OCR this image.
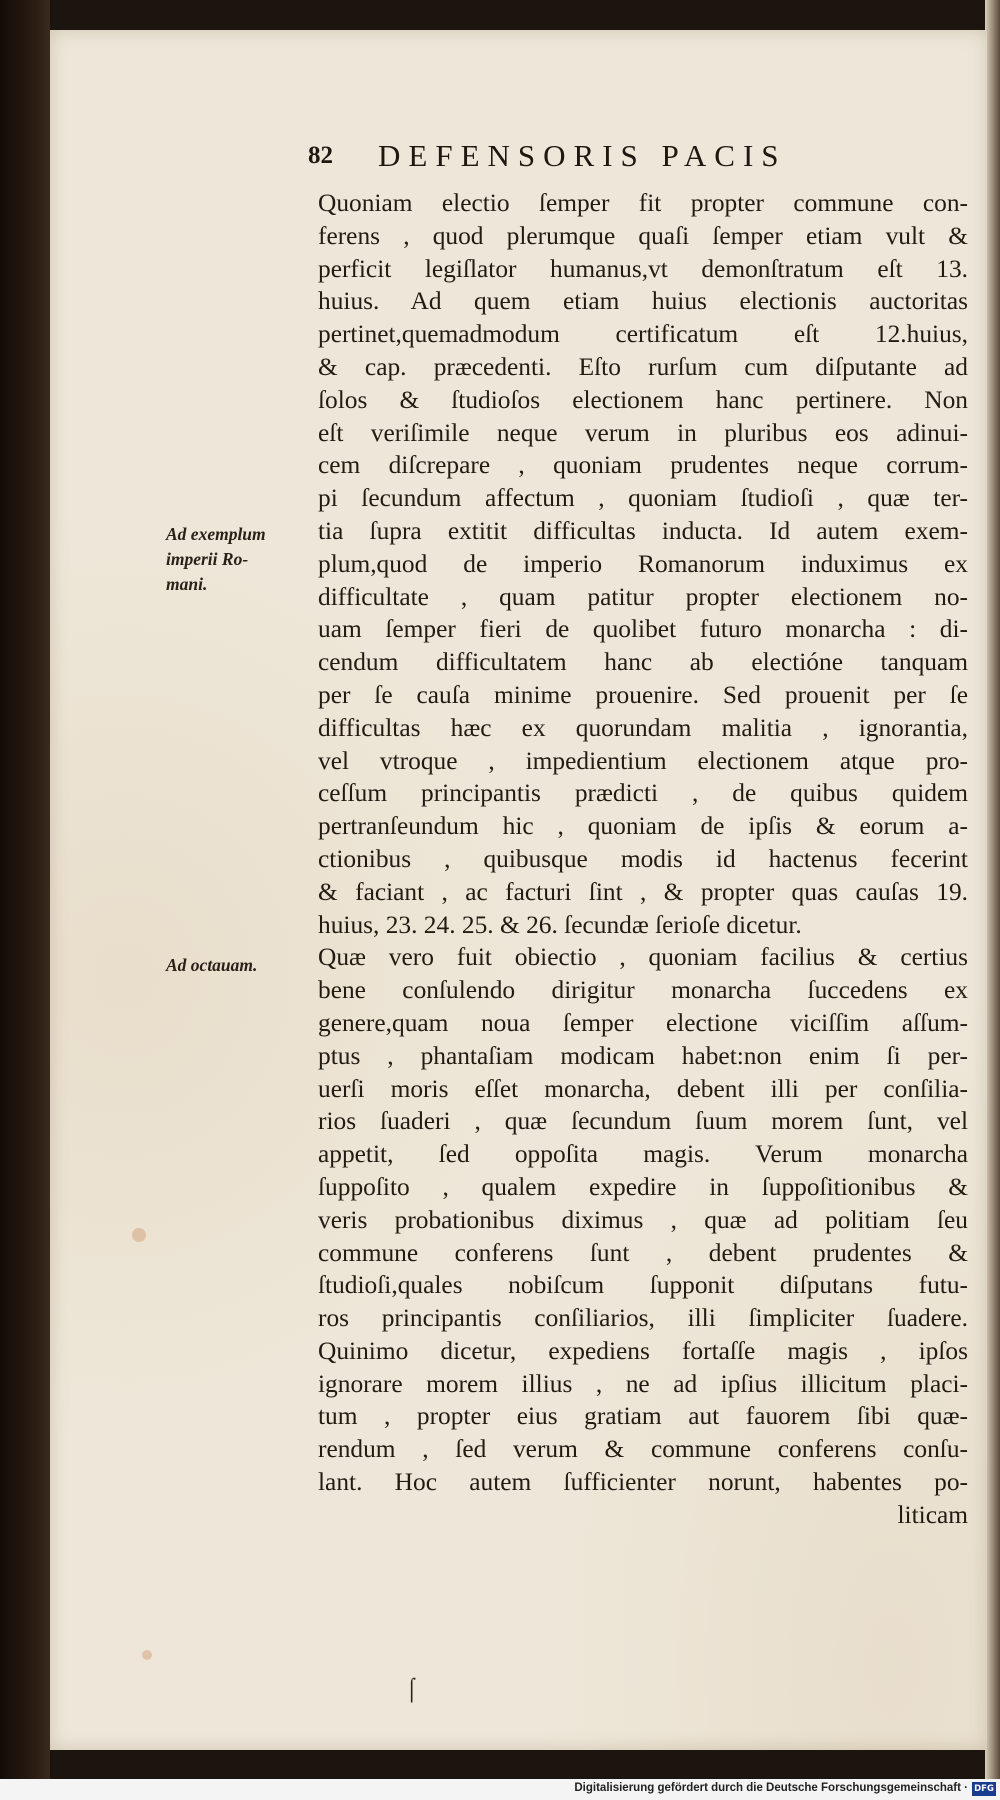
82 DEFENSORIS PACIS
Quoniam electio ſemper fit propter commune con-
ferens , quod plerumque quaſi ſemper etiam vult &
perficit legiſlator humanus,vt demonſtratum eſt 13.
huius. Ad quem etiam huius electionis auctoritas
pertinet,quemadmodum certificatum eſt 12.huius,
& cap. præcedenti. Eſto rurſum cum diſputante ad
ſolos & ſtudioſos electionem hanc pertinere. Non
eſt veriſimile neque verum in pluribus eos adinui-
cem diſcrepare , quoniam prudentes neque corrum-
pi ſecundum affectum , quoniam ſtudioſi , quæ ter-
tia ſupra extitit difficultas inducta. Id autem exem-
plum,quod de imperio Romanorum induximus ex
difficultate , quam patitur propter electionem no-
uam ſemper fieri de quolibet futuro monarcha : di-
cendum difficultatem hanc ab electióne tanquam
per ſe cauſa minime prouenire. Sed prouenit per ſe
difficultas hæc ex quorundam malitia , ignorantia,
vel vtroque , impedientium electionem atque pro-
ceſſum principantis prædicti , de quibus quidem
pertranſeundum hic , quoniam de ipſis & eorum a-
ctionibus , quibusque modis id hactenus fecerint
& faciant , ac facturi ſint , & propter quas cauſas 19.
huius, 23. 24. 25. & 26. ſecundæ ſerioſe dicetur.
Quæ vero fuit obiectio , quoniam facilius & certius
bene conſulendo dirigitur monarcha ſuccedens ex
genere,quam noua ſemper electione viciſſim aſſum-
ptus , phantaſiam modicam habet:non enim ſi per-
uerſi moris eſſet monarcha, debent illi per conſilia-
rios ſuaderi , quæ ſecundum ſuum morem ſunt, vel
appetit, ſed oppoſita magis. Verum monarcha
ſuppoſito , qualem expedire in ſuppoſitionibus &
veris probationibus diximus , quæ ad politiam ſeu
commune conferens ſunt , debent prudentes &
ſtudioſi,quales nobiſcum ſupponit diſputans futu-
ros principantis conſiliarios, illi ſimpliciter ſuadere.
Quinimo dicetur, expediens fortaſſe magis , ipſos
ignorare morem illius , ne ad ipſius illicitum placi-
tum , propter eius gratiam aut fauorem ſibi quæ-
rendum , ſed verum & commune conferens conſu-
lant. Hoc autem ſufficienter norunt, habentes po-
liticam
Ad exemplum
imperii Ro-
mani.
Ad octauam.
⌠
Digitalisierung gefördert durch die Deutsche Forschungsgemeinschaft · DFG
